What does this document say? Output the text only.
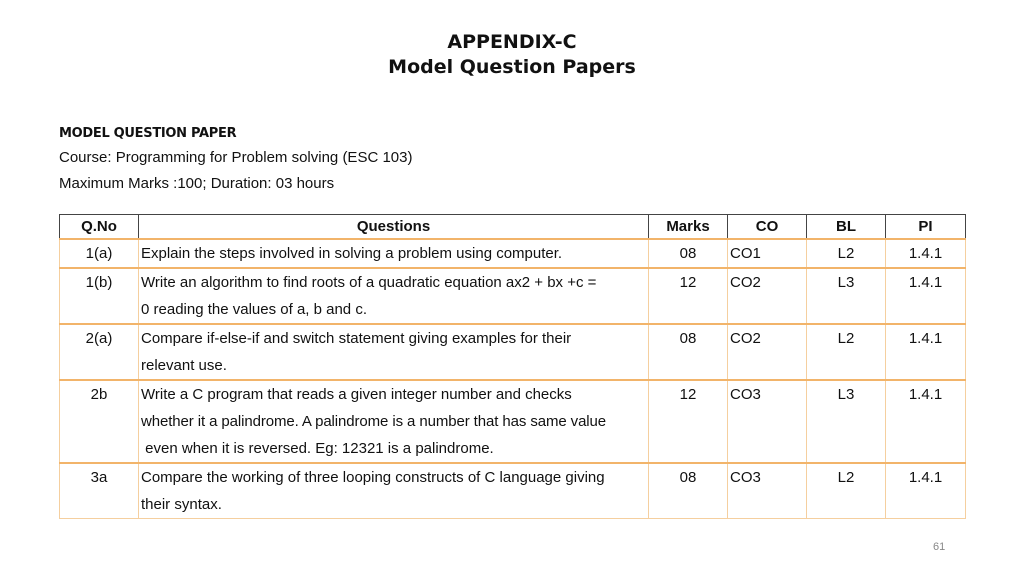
APPENDIX-C
Model Question Papers
MODEL QUESTION PAPER
Course: Programming for Problem solving (ESC 103)
Maximum Marks :100; Duration: 03 hours
Q.No	Questions	Marks	CO	BL	PI
1(a)	Explain the steps involved in solving a problem using computer.	08	CO1	L2	1.4.1
1(b)	Write an algorithm to find roots of a quadratic equation ax2 + bx +c =
0 reading the values of a, b and c.	12	CO2	L3	1.4.1
2(a)	Compare if-else-if and switch statement giving examples for their
relevant use.	08	CO2	L2	1.4.1
2b	Write a C program that reads a given integer number and checks
whether it a palindrome. A palindrome is a number that has same value
even when it is reversed. Eg: 12321 is a palindrome.	12	CO3	L3	1.4.1
3a	Compare the working of three looping constructs of C language giving
their syntax.	08	CO3	L2	1.4.1
61
